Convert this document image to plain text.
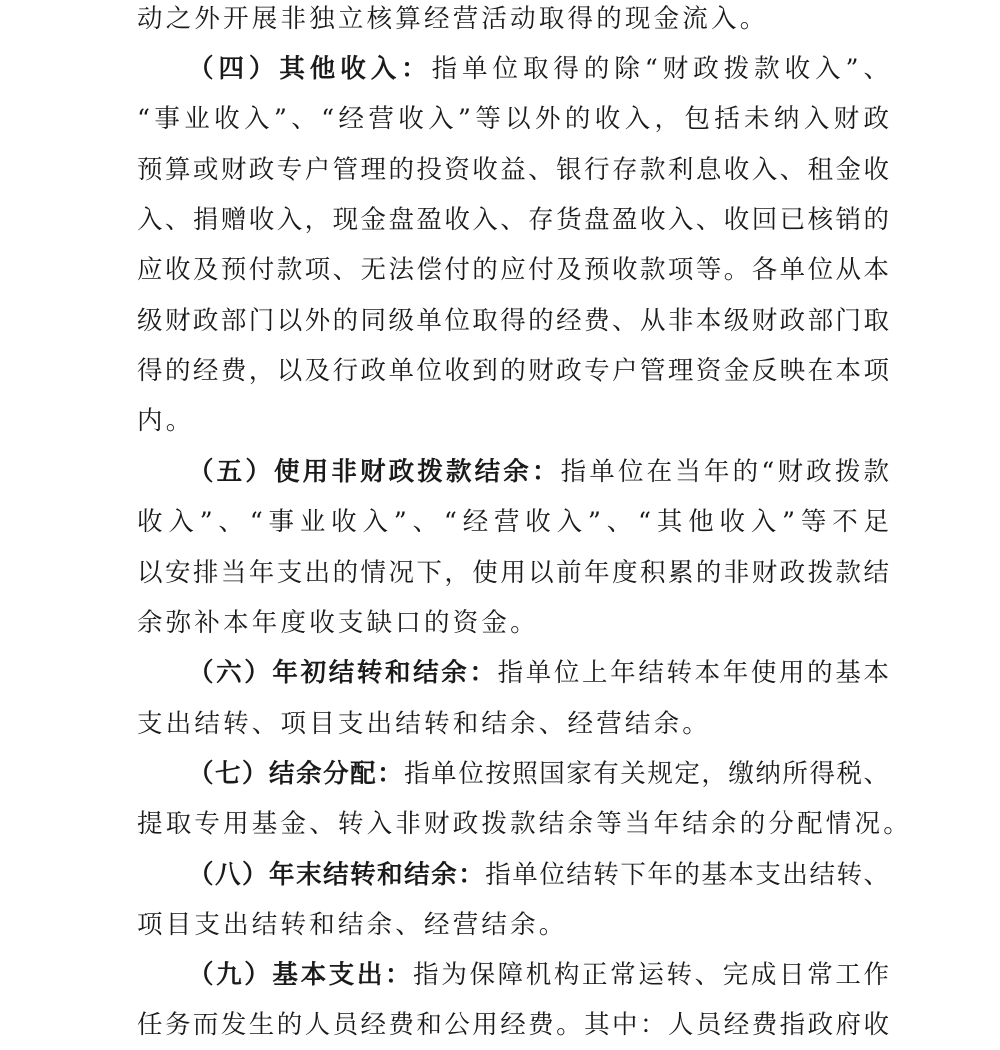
动之外开展非独立核算经营活动取得的现金流入。
（四）其他收入：指单位取得的除“财政拨款收入”、
“事业收入”、“经营收入”等以外的收入，包括未纳入财政
预算或财政专户管理的投资收益、银行存款利息收入、租金收
入、捐赠收入，现金盘盈收入、存货盘盈收入、收回已核销的
应收及预付款项、无法偿付的应付及预收款项等。各单位从本
级财政部门以外的同级单位取得的经费、从非本级财政部门取
得的经费，以及行政单位收到的财政专户管理资金反映在本项
内。
（五）使用非财政拨款结余：指单位在当年的“财政拨款
收入”、“事业收入”、“经营收入”、“其他收入”等不足
以安排当年支出的情况下，使用以前年度积累的非财政拨款结
余弥补本年度收支缺口的资金。
（六）年初结转和结余：指单位上年结转本年使用的基本
支出结转、项目支出结转和结余、经营结余。
（七）结余分配：指单位按照国家有关规定，缴纳所得税、
提取专用基金、转入非财政拨款结余等当年结余的分配情况。
（八）年末结转和结余：指单位结转下年的基本支出结转、
项目支出结转和结余、经营结余。
（九）基本支出：指为保障机构正常运转、完成日常工作
任务而发生的人员经费和公用经费。其中：人员经费指政府收
